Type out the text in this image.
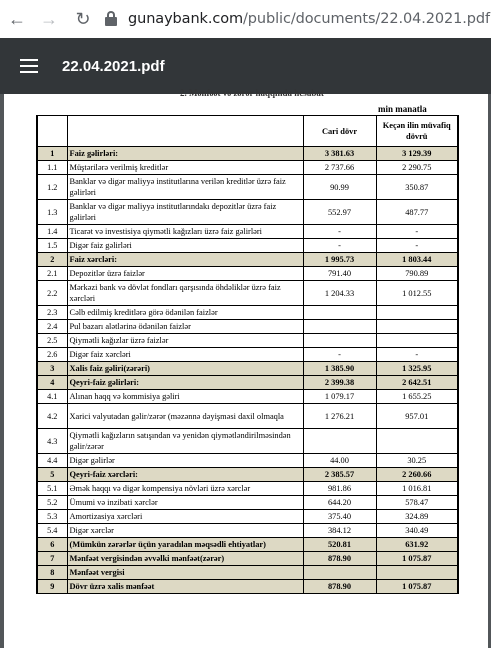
← → ↻	gunaybank.com/public/documents/22.04.2021.pdf
22.04.2021.pdf
2. Mənfəət və zərər haqqında hesabat
min manatla
		Cari dövr	Keçən ilin müvafiq dövrü
1	Faiz gəlirləri:	3 381.63	3 129.39
1.1	Müştərilərə verilmiş kreditlər	2 737.66	2 290.75
1.2	Banklar və digər maliyyə institutlarına verilən kreditlər üzrə faiz gəlirləri	90.99	350.87
1.3	Banklar və digər maliyyə institutlarındakı depozitlər üzrə faiz gəlirləri	552.97	487.77
1.4	Ticarət və investisiya qiymətli kağızları üzrə faiz gəlirləri	-	-
1.5	Digər faiz gəlirləri	-	-
2	Faiz xərcləri:	1 995.73	1 803.44
2.1	Depozitlər üzrə faizlər	791.40	790.89
2.2	Mərkəzi bank və dövlət fondları qarşısında öhdəliklər üzrə faiz xərcləri	1 204.33	1 012.55
2.3	Cəlb edilmiş kreditlərə görə ödənilən faizlər		
2.4	Pul bazarı alətlərinə ödənilən faizlər		
2.5	Qiymətli kağızlar üzrə faizlər		
2.6	Digər faiz xərcləri	-	-
3	Xalis faiz gəliri(zərəri)	1 385.90	1 325.95
4	Qeyri-faiz gəlirləri:	2 399.38	2 642.51
4.1	Alınan haqq və kommisiya gəliri	1 079.17	1 655.25
4.2	Xarici valyutadan gəlir/zərər (məzənnə dəyişməsi daxil olmaqla	1 276.21	957.01
4.3	Qiymətli kağızların satışından və yenidən qiymətləndirilməsindən gəlir/zərər		
4.4	Digər gəlirlər	44.00	30.25
5	Qeyri-faiz xərcləri:	2 385.57	2 260.66
5.1	Əmək haqqı və digər kompensiya növləri üzrə xərclər	981.86	1 016.81
5.2	Ümumi və inzibati xərclər	644.20	578.47
5.3	Amortizasiya xərcləri	375.40	324.89
5.4	Digər xərclər	384.12	340.49
6	(Mümkün zərərlər üçün yaradılan məqsədli ehtiyatlar)	520.81	631.92
7	Mənfəət vergisindən əvvəlki mənfəət(zərər)	878.90	1 075.87
8	Mənfəət vergisi		
9	Dövr üzrə xalis mənfəət	878.90	1 075.87
